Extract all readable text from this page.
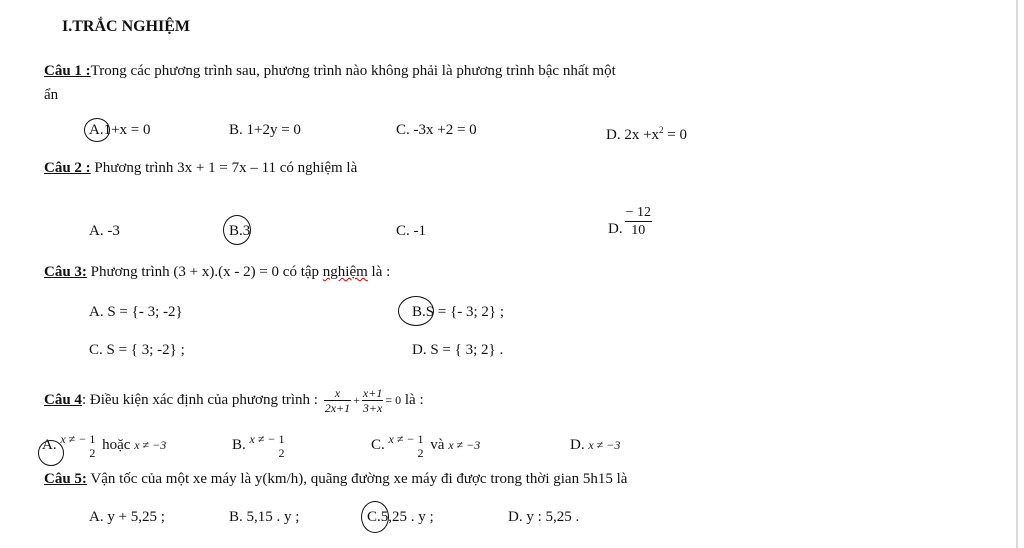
I.TRẮC NGHIỆM
Câu 1 :Trong các phương trình sau, phương trình nào không phải là phương trình bậc nhất một
ẩn
A.1+x = 0	B. 1+2y = 0	C. -3x +2 = 0	D. $2x +x^2 = 0$
Câu 2 : Phương trình 3x + 1 = 7x – 11 có nghiệm là
A. -3	B.3	C. -1	D. $\frac{- 12}{10}$
Câu 3: Phương trình (3 + x).(x - 2) = 0 có tập nghiệm là :
A. S = {- 3; -2}	B.S = {- 3; 2} ;
C. S = { 3; -2} ;	D. S = { 3; 2} .
Câu 4: Điều kiện xác định của phương trình : $\frac{x}{2x+1} + \frac{x+1}{3+x} = 0$ là :
A. $^{x \ne -}$ 1
2 hoặc x ≠ −3	B. $^{x \ne -}$ 1
2	C. $^{x \ne -}$ 1
2 và x ≠ −3	D. x ≠ −3
Câu 5: Vận tốc của một xe máy là y(km/h), quãng đường xe máy đi được trong thời gian 5h15 là
A. y + 5,25 ;	B. 5,15 . y ;	C.5,25 . y ;	D. y : 5,25 .
